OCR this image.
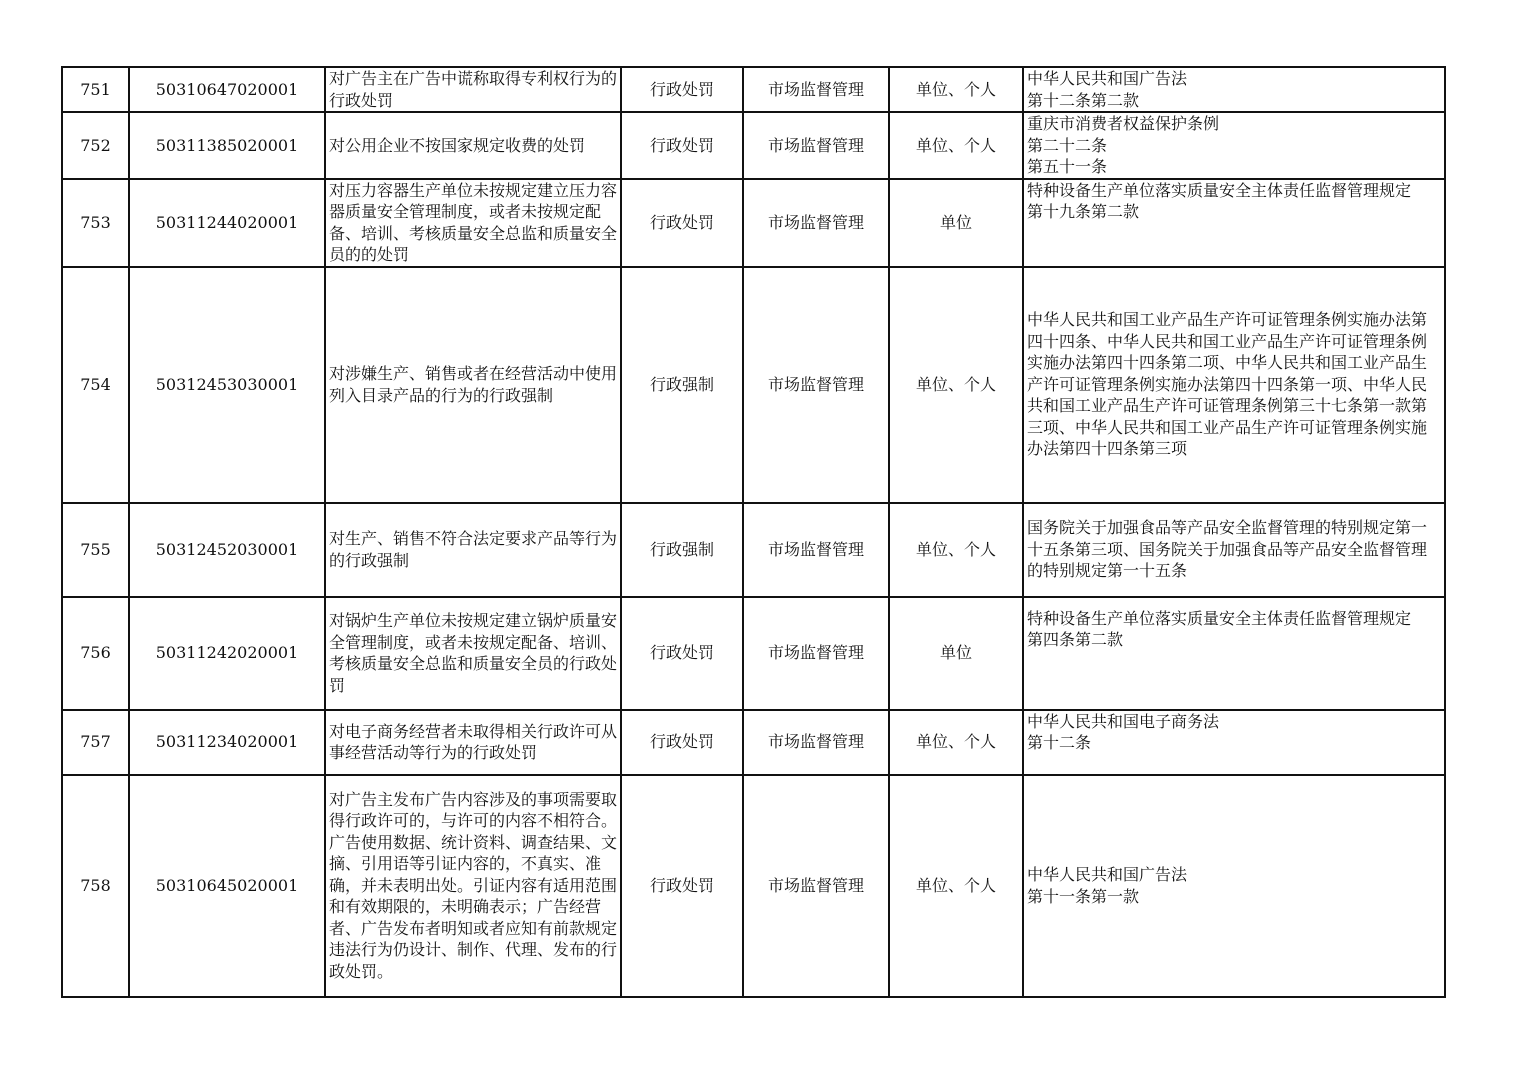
751	50310647020001	对广告主在广告中谎称取得专利权行为的行政处罚	行政处罚	市场监督管理	单位、个人	中华人民共和国广告法
第十二条第二款

752	50311385020001	对公用企业不按国家规定收费的处罚	行政处罚	市场监督管理	单位、个人	重庆市消费者权益保护条例
第二十二条
第五十一条

753	50311244020001	对压力容器生产单位未按规定建立压力容器质量安全管理制度，或者未按规定配备、培训、考核质量安全总监和质量安全员的的处罚	行政处罚	市场监督管理	单位	特种设备生产单位落实质量安全主体责任监督管理规定
第十九条第二款

754	50312453030001	对涉嫌生产、销售或者在经营活动中使用列入目录产品的行为的行政强制	行政强制	市场监督管理	单位、个人	中华人民共和国工业产品生产许可证管理条例实施办法第四十四条、中华人民共和国工业产品生产许可证管理条例实施办法第四十四条第二项、中华人民共和国工业产品生产许可证管理条例实施办法第四十四条第一项、中华人民共和国工业产品生产许可证管理条例第三十七条第一款第三项、中华人民共和国工业产品生产许可证管理条例实施办法第四十四条第三项

755	50312452030001	对生产、销售不符合法定要求产品等行为的行政强制	行政强制	市场监督管理	单位、个人	国务院关于加强食品等产品安全监督管理的特别规定第一十五条第三项、国务院关于加强食品等产品安全监督管理的特别规定第一十五条

756	50311242020001	对锅炉生产单位未按规定建立锅炉质量安全管理制度，或者未按规定配备、培训、考核质量安全总监和质量安全员的行政处罚	行政处罚	市场监督管理	单位	特种设备生产单位落实质量安全主体责任监督管理规定
第四条第二款

757	50311234020001	对电子商务经营者未取得相关行政许可从事经营活动等行为的行政处罚	行政处罚	市场监督管理	单位、个人	中华人民共和国电子商务法
第十二条

758	50310645020001	对广告主发布广告内容涉及的事项需要取得行政许可的，与许可的内容不相符合。广告使用数据、统计资料、调查结果、文摘、引用语等引证内容的，不真实、准确，并未表明出处。引证内容有适用范围和有效期限的，未明确表示；广告经营者、广告发布者明知或者应知有前款规定违法行为仍设计、制作、代理、发布的行政处罚。	行政处罚	市场监督管理	单位、个人	中华人民共和国广告法
第十一条第一款
